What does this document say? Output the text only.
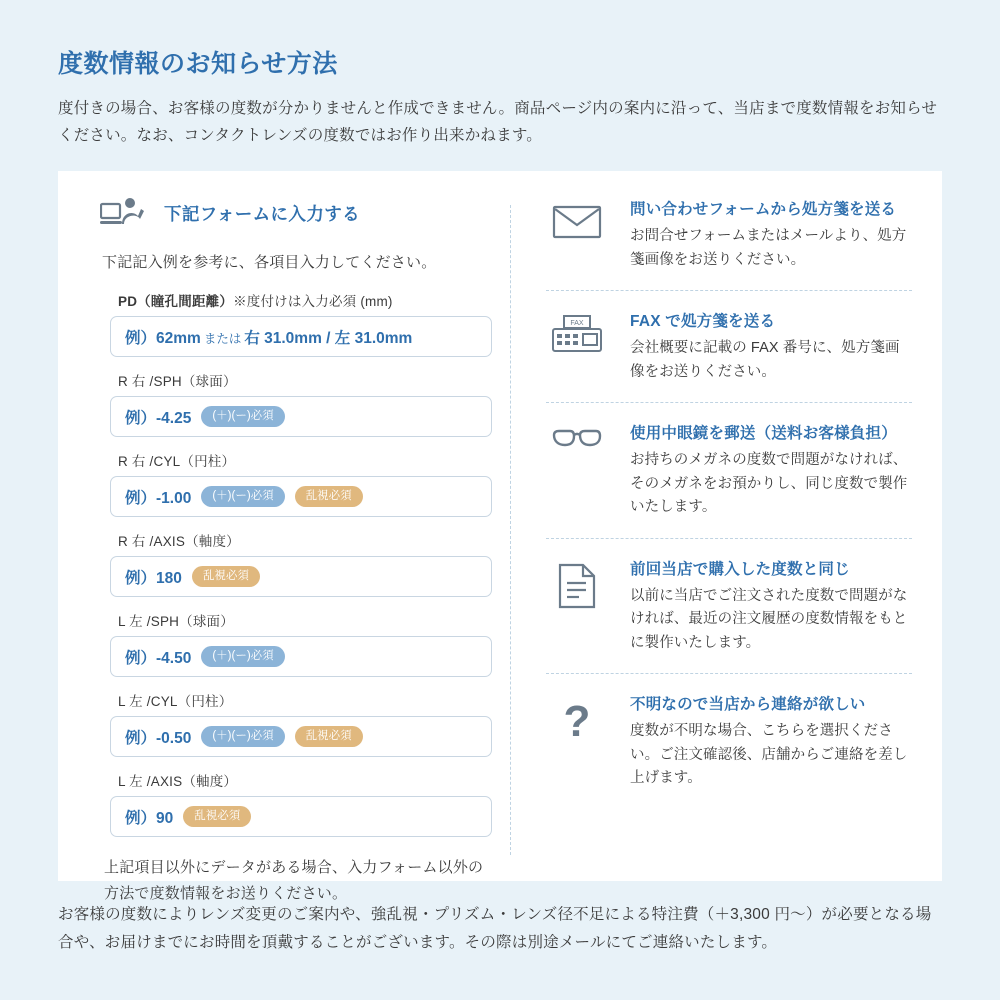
度数情報のお知らせ方法

度付きの場合、お客様の度数が分かりませんと作成できません。商品ページ内の案内に沿って、当店まで度数情報をお知らせください。なお、コンタクトレンズの度数ではお作り出来かねます。

下記フォームに入力する
下記記入例を参考に、各項目入力してください。
PD（瞳孔間距離）※度付けは入力必須 (mm)
例）62mm または 右 31.0mm / 左 31.0mm
R 右 /SPH（球面）
例）-4.25	(＋)(ー)必須
R 右 /CYL（円柱）
例）-1.00	(＋)(ー)必須	乱視必須
R 右 /AXIS（軸度）
例）180	乱視必須
L 左 /SPH（球面）
例）-4.50	(＋)(ー)必須
L 左 /CYL（円柱）
例）-0.50	(＋)(ー)必須	乱視必須
L 左 /AXIS（軸度）
例）90	乱視必須
上記項目以外にデータがある場合、入力フォーム以外の方法で度数情報をお送りください。
問い合わせフォームから処方箋を送る
お問合せフォームまたはメールより、処方箋画像をお送りください。
FAX	FAX で処方箋を送る
会社概要に記載の FAX 番号に、処方箋画像をお送りください。
使用中眼鏡を郵送（送料お客様負担）
お持ちのメガネの度数で問題がなければ、そのメガネをお預かりし、同じ度数で製作いたします。
前回当店で購入した度数と同じ
以前に当店でご注文された度数で問題がなければ、最近の注文履歴の度数情報をもとに製作いたします。
?	不明なので当店から連絡が欲しい
度数が不明な場合、こちらを選択ください。ご注文確認後、店舗からご連絡を差し上げます。

お客様の度数によりレンズ変更のご案内や、強乱視・プリズム・レンズ径不足による特注費（＋3,300 円～）が必要となる場合や、お届けまでにお時間を頂戴することがございます。その際は別途メールにてご連絡いたします。
